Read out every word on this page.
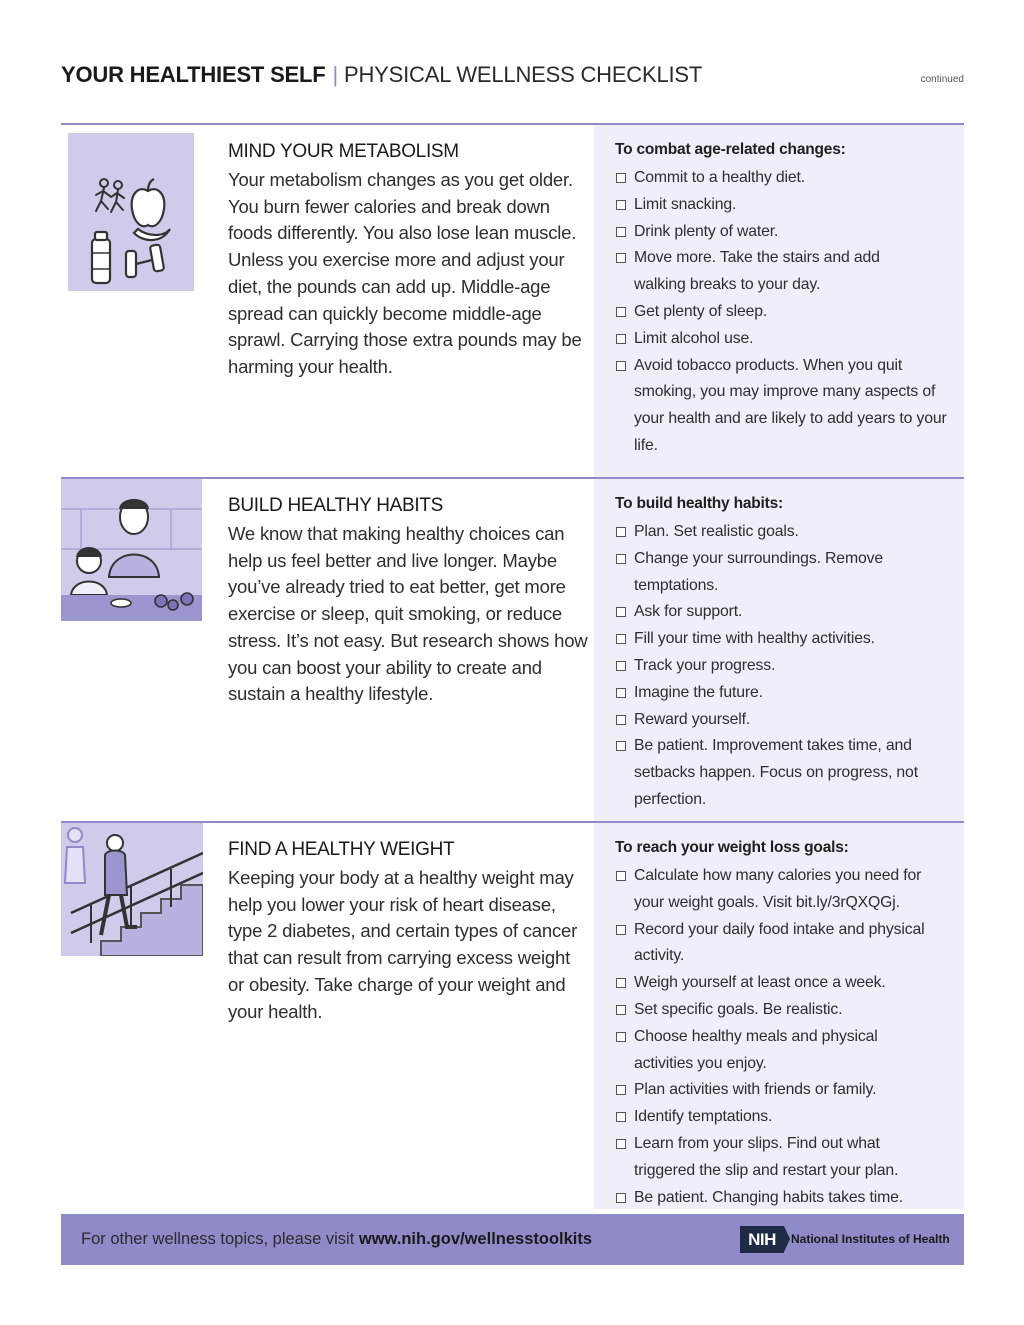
YOUR HEALTHIEST SELF | PHYSICAL WELLNESS CHECKLIST	continued
MIND YOUR METABOLISM

Your metabolism changes as you get older. You burn fewer calories and break down foods differently. You also lose lean muscle. Unless you exercise more and adjust your diet, the pounds can add up. Middle-age spread can quickly become middle-age sprawl. Carrying those extra pounds may be harming your health.

To combat age-related changes:
Commit to a healthy diet.
Limit snacking.
Drink plenty of water.
Move more. Take the stairs and add walking breaks to your day.
Get plenty of sleep.
Limit alcohol use.
Avoid tobacco products. When you quit smoking, you may improve many aspects of your health and are likely to add years to your life.
BUILD HEALTHY HABITS

We know that making healthy choices can help us feel better and live longer. Maybe you’ve already tried to eat better, get more exercise or sleep, quit smoking, or reduce stress. It’s not easy. But research shows how you can boost your ability to create and sustain a healthy lifestyle.

To build healthy habits:
Plan. Set realistic goals.
Change your surroundings. Remove temptations.
Ask for support.
Fill your time with healthy activities.
Track your progress.
Imagine the future.
Reward yourself.
Be patient. Improvement takes time, and setbacks happen. Focus on progress, not perfection.
FIND A HEALTHY WEIGHT

Keeping your body at a healthy weight may help you lower your risk of heart disease, type 2 diabetes, and certain types of cancer that can result from carrying excess weight or obesity. Take charge of your weight and your health.

To reach your weight loss goals:
Calculate how many calories you need for your weight goals. Visit bit.ly/3rQXQGj.
Record your daily food intake and physical activity.
Weigh yourself at least once a week.
Set specific goals. Be realistic.
Choose healthy meals and physical activities you enjoy.
Plan activities with friends or family.
Identify temptations.
Learn from your slips. Find out what triggered the slip and restart your plan.
Be patient. Changing habits takes time.
For other wellness topics, please visit www.nih.gov/wellnesstoolkits	NIH	National Institutes of Health
